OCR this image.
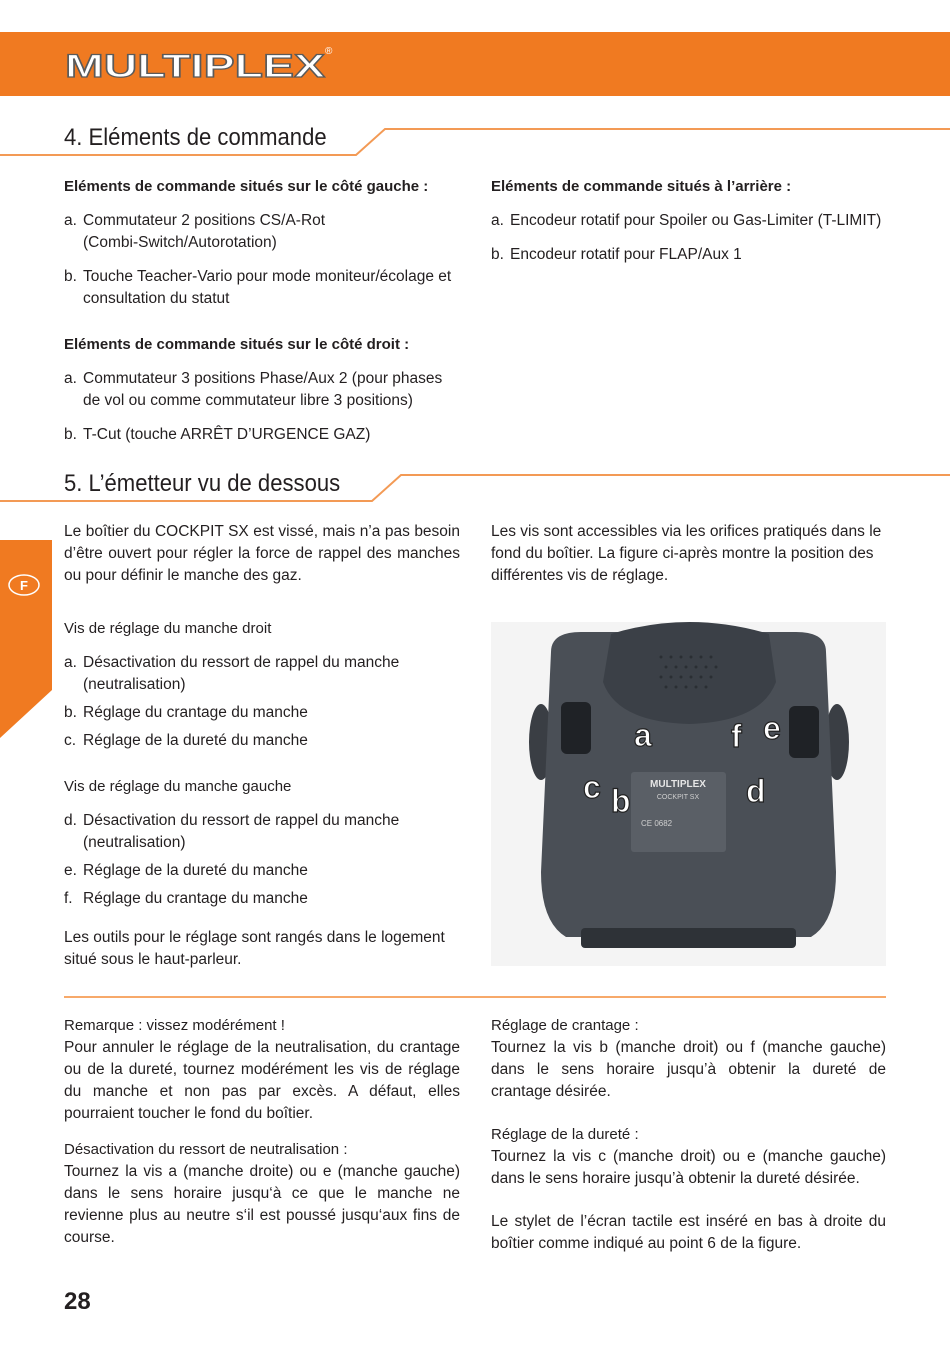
MULTIPLEX ®
4. Eléments de commande

Eléments de commande situés sur le côté gauche :

a. Commutateur 2 positions CS/A-Rot (Combi-Switch/Autorotation)
b. Touche Teacher-Vario pour mode moniteur/écolage et consultation du statut

Eléments de commande situés à l’arrière :

a. Encodeur rotatif pour Spoiler ou Gas-Limiter (T-LIMIT)
b. Encodeur rotatif pour FLAP/Aux 1

Eléments de commande situés sur le côté droit :

a. Commutateur 3 positions Phase/Aux 2 (pour phases de vol ou comme commutateur libre 3 positions)
b. T-Cut (touche ARRÊT D’URGENCE GAZ)
5. L’émetteur vu de dessous
Le boîtier du COCKPIT SX est vissé, mais n’a pas besoin d’être ouvert pour régler la force de rappel des manches ou pour définir le manche des gaz.
Les vis sont accessibles via les orifices pratiqués dans le fond du boîtier. La figure ci-après montre la position des différentes vis de réglage.
F

Vis de réglage du manche droit

a. Désactivation du ressort de rappel du manche (neutralisation)
b. Réglage du crantage du manche
c. Réglage de la dureté du manche

Vis de réglage du manche gauche

d. Désactivation du ressort de rappel du manche (neutralisation)
e. Réglage de la dureté du manche
f. Réglage du crantage du manche
Les outils pour le réglage sont rangés dans le logement situé sous le haut-parleur.
MULTIPLEX
COCKPIT SX
CE 0682
a
b
c	d
e
f

Remarque : vissez modérément !

Pour annuler le réglage de la neutralisation, du crantage ou de la dureté, tournez modérément les vis de réglage du manche et non pas par excès. A défaut, elles pourraient toucher le fond du boîtier.

Désactivation du ressort de neutralisation :

Tournez la vis a (manche droite) ou e (manche gauche) dans le sens horaire jusqu‘à ce que le manche ne revienne plus au neutre s‘il est poussé jusqu‘aux fins de course.

Réglage de crantage :

Tournez la vis b (manche droit) ou f (manche gauche) dans le sens horaire jusqu’à obtenir la dureté de crantage désirée.

Réglage de la dureté :

Tournez la vis c (manche droit) ou e (manche gauche) dans le sens horaire jusqu’à obtenir la dureté désirée.

Le stylet de l’écran tactile est inséré en bas à droite du boîtier comme indiqué au point 6 de la figure.

28
